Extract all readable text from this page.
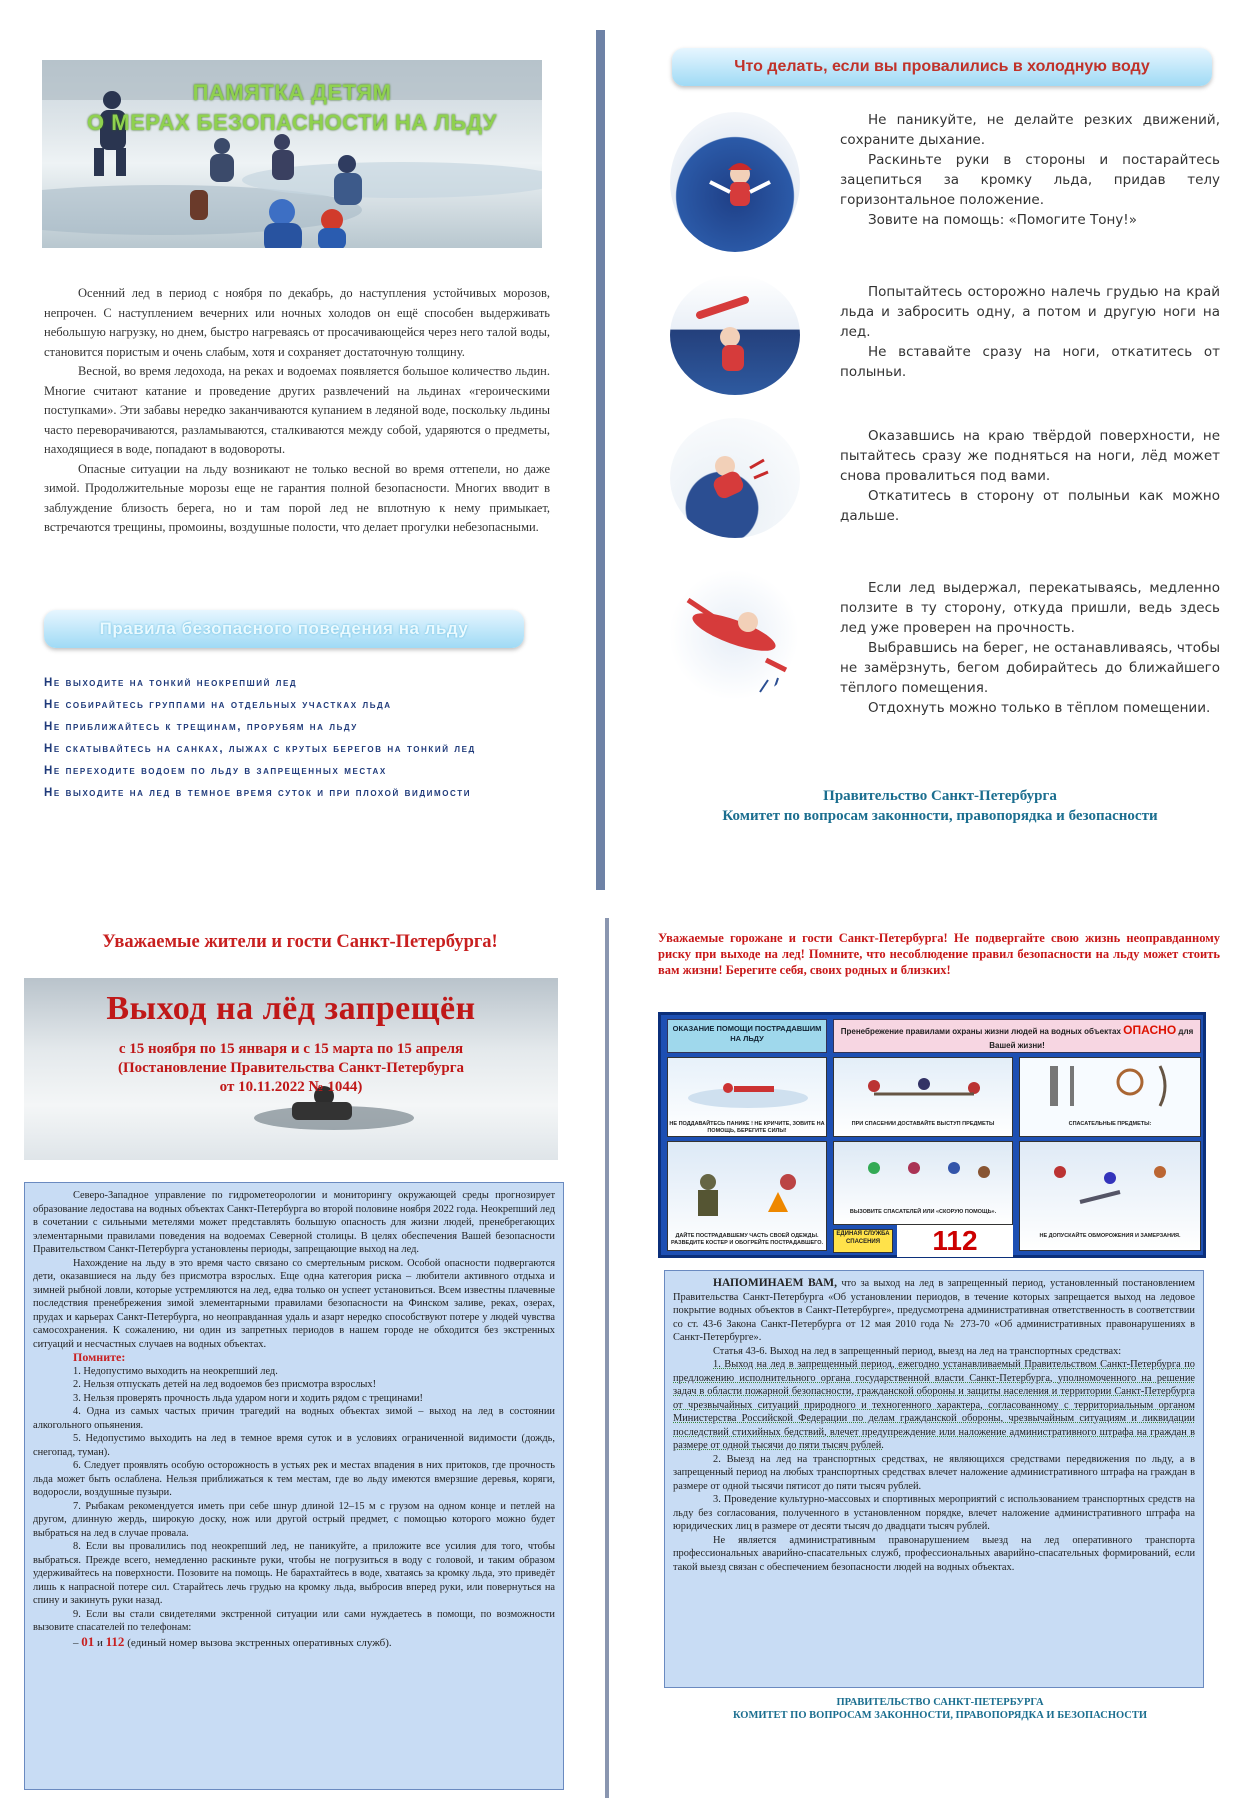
ПАМЯТКА ДЕТЯМ
О МЕРАХ БЕЗОПАСНОСТИ НА ЛЬДУ

Осенний лед в период с ноября по декабрь, до наступления устойчивых морозов, непрочен. С наступлением вечерних или ночных холодов он ещё способен выдерживать небольшую нагрузку, но днем, быстро нагреваясь от просачивающейся через него талой воды, становится пористым и очень слабым, хотя и сохраняет достаточную толщину.

Весной, во время ледохода, на реках и водоемах появляется большое количество льдин. Многие считают катание и проведение других развлечений на льдинах «героическими поступками». Эти забавы нередко заканчиваются купанием в ледяной воде, поскольку льдины часто переворачиваются, разламываются, сталкиваются между собой, ударяются о предметы, находящиеся в воде, попадают в водовороты.

Опасные ситуации на льду возникают не только весной во время оттепели, но даже зимой. Продолжительные морозы еще не гарантия полной безопасности. Многих вводит в заблуждение близость берега, но и там порой лед не вплотную к нему примыкает, встречаются трещины, промоины, воздушные полости, что делает прогулки небезопасными.

Правила безопасного поведения на льду
Не выходите на тонкий неокрепший лед
Не собирайтесь группами на отдельных участках льда
Не приближайтесь к трещинам, прорубям на льду
Не скатывайтесь на санках, лыжах с крутых берегов на тонкий лед
Не переходите водоем по льду в запрещенных местах
Не выходите на лед в темное время суток и при плохой видимости
Что делать, если вы провалились в холодную воду

Не паникуйте, не делайте резких движений, сохраните дыхание.

Раскиньте руки в стороны и постарайтесь зацепиться за кромку льда, придав телу горизонтальное положение.

Зовите на помощь: «Помогите Тону!»

Попытайтесь осторожно налечь грудью на край льда и забросить одну, а потом и другую ноги на лед.

Не вставайте сразу на ноги, откатитесь от полыньи.

Оказавшись на краю твёрдой поверхности, не пытайтесь сразу же подняться на ноги, лёд может снова провалиться под вами.

Откатитесь в сторону от полыньи как можно дальше.

Если лед выдержал, перекатываясь, медленно ползите в ту сторону, откуда пришли, ведь здесь лед уже проверен на прочность.

Выбравшись на берег, не останавливаясь, чтобы не замёрзнуть, бегом добирайтесь до ближайшего тёплого помещения.

Отдохнуть можно только в тёплом помещении.

Правительство Санкт-Петербурга
Комитет по вопросам законности, правопорядка и безопасности
Уважаемые жители и гости Санкт-Петербурга!
Выход на лёд запрещён
с 15 ноября по 15 января и с 15 марта по 15 апреля
(Постановление Правительства Санкт-Петербурга
от 10.11.2022 № 1044)

Северо-Западное управление по гидрометеорологии и мониторингу окружающей среды прогнозирует образование ледостава на водных объектах Санкт-Петербурга во второй половине ноября 2022 года. Неокрепший лед в сочетании с сильными метелями может представлять большую опасность для жизни людей, пренебрегающих элементарными правилами поведения на водоемах Северной столицы. В целях обеспечения Вашей безопасности Правительством Санкт-Петербурга установлены периоды, запрещающие выход на лед.

Нахождение на льду в это время часто связано со смертельным риском. Особой опасности подвергаются дети, оказавшиеся на льду без присмотра взрослых. Еще одна категория риска – любители активного отдыха и зимней рыбной ловли, которые устремляются на лед, едва только он успеет установиться. Всем известны плачевные последствия пренебрежения зимой элементарными правилами безопасности на Финском заливе, реках, озерах, прудах и карьерах Санкт-Петербурга, но неоправданная удаль и азарт нередко способствуют потере у людей чувства самосохранения. К сожалению, ни один из запретных периодов в нашем городе не обходится без экстренных ситуаций и несчастных случаев на водных объектах.

Помните:

1. Недопустимо выходить на неокрепший лед.

2. Нельзя отпускать детей на лед водоемов без присмотра взрослых!

3. Нельзя проверять прочность льда ударом ноги и ходить рядом с трещинами!

4. Одна из самых частых причин трагедий на водных объектах зимой – выход на лед в состоянии алкогольного опьянения.

5. Недопустимо выходить на лед в темное время суток и в условиях ограниченной видимости (дождь, снегопад, туман).

6. Следует проявлять особую осторожность в устьях рек и местах впадения в них притоков, где прочность льда может быть ослаблена. Нельзя приближаться к тем местам, где во льду имеются вмерзшие деревья, коряги, водоросли, воздушные пузыри.

7. Рыбакам рекомендуется иметь при себе шнур длиной 12–15 м с грузом на одном конце и петлей на другом, длинную жердь, широкую доску, нож или другой острый предмет, с помощью которого можно будет выбраться на лед в случае провала.

8. Если вы провалились под неокрепший лед, не паникуйте, а приложите все усилия для того, чтобы выбраться. Прежде всего, немедленно раскиньте руки, чтобы не погрузиться в воду с головой, и таким образом удерживайтесь на поверхности. Позовите на помощь. Не барахтайтесь в воде, хватаясь за кромку льда, это приведёт лишь к напрасной потере сил. Старайтесь лечь грудью на кромку льда, выбросив вперед руки, или повернуться на спину и закинуть руки назад.

9. Если вы стали свидетелями экстренной ситуации или сами нуждаетесь в помощи, по возможности вызовите спасателей по телефонам:

– 01 и 112 (единый номер вызова экстренных оперативных служб).
Уважаемые горожане и гости Санкт-Петербурга! Не подвергайте свою жизнь неоправданному риску при выходе на лед! Помните, что несоблюдение правил безопасности на льду может стоить вам жизни! Берегите себя, своих родных и близких!
ОКАЗАНИЕ ПОМОЩИ ПОСТРАДАВШИМ НА ЛЬДУ
Пренебрежение правилами охраны жизни людей на водных объектах ОПАСНО для Вашей жизни!
НЕ ПОДДАВАЙТЕСЬ ПАНИКЕ ! НЕ КРИЧИТЕ, ЗОВИТЕ НА ПОМОЩЬ, БЕРЕГИТЕ СИЛЫ!
ПРИ СПАСЕНИИ ДОСТАВАЙТЕ ВЫСТУП ПРЕДМЕТЫ	СПАСАТЕЛЬНЫЕ ПРЕДМЕТЫ:
ДАЙТЕ ПОСТРАДАВШЕМУ ЧАСТЬ СВОЕЙ ОДЕЖДЫ. РАЗВЕДИТЕ КОСТЕР И ОБОГРЕЙТЕ ПОСТРАДАВШЕГО.
ВЫЗОВИТЕ СПАСАТЕЛЕЙ ИЛИ «СКОРУЮ ПОМОЩЬ».
ЕДИНАЯ СЛУЖБА СПАСЕНИЯ	112	НЕ ДОПУСКАЙТЕ ОБМОРОЖЕНИЯ И ЗАМЕРЗАНИЯ.

НАПОМИНАЕМ ВАМ, что за выход на лед в запрещенный период, установленный постановлением Правительства Санкт-Петербурга «Об установлении периодов, в течение которых запрещается выход на ледовое покрытие водных объектов в Санкт-Петербурге», предусмотрена административная ответственность в соответствии со ст. 43-6 Закона Санкт-Петербурга от 12 мая 2010 года № 273-70 «Об административных правонарушениях в Санкт-Петербурге».

Статья 43-6. Выход на лед в запрещенный период, выезд на лед на транспортных средствах:

1. Выход на лед в запрещенный период, ежегодно устанавливаемый Правительством Санкт-Петербурга по предложению исполнительного органа государственной власти Санкт-Петербурга, уполномоченного на решение задач в области пожарной безопасности, гражданской обороны и защиты населения и территории Санкт-Петербурга от чрезвычайных ситуаций природного и техногенного характера, согласованному с территориальным органом Министерства Российской Федерации по делам гражданской обороны, чрезвычайным ситуациям и ликвидации последствий стихийных бедствий, влечет предупреждение или наложение административного штрафа на граждан в размере от одной тысячи до пяти тысяч рублей.

2. Выезд на лед на транспортных средствах, не являющихся средствами передвижения по льду, а в запрещенный период на любых транспортных средствах влечет наложение административного штрафа на граждан в размере от одной тысячи пятисот до пяти тысяч рублей.

3. Проведение культурно-массовых и спортивных мероприятий с использованием транспортных средств на льду без согласования, полученного в установленном порядке, влечет наложение административного штрафа на юридических лиц в размере от десяти тысяч до двадцати тысяч рублей.

Не является административным правонарушением выезд на лед оперативного транспорта профессиональных аварийно-спасательных служб, профессиональных аварийно-спасательных формирований, если такой выезд связан с обеспечением безопасности людей на водных объектах.

ПРАВИТЕЛЬСТВО САНКТ-ПЕТЕРБУРГА
КОМИТЕТ ПО ВОПРОСАМ ЗАКОННОСТИ, ПРАВОПОРЯДКА И БЕЗОПАСНОСТИ
